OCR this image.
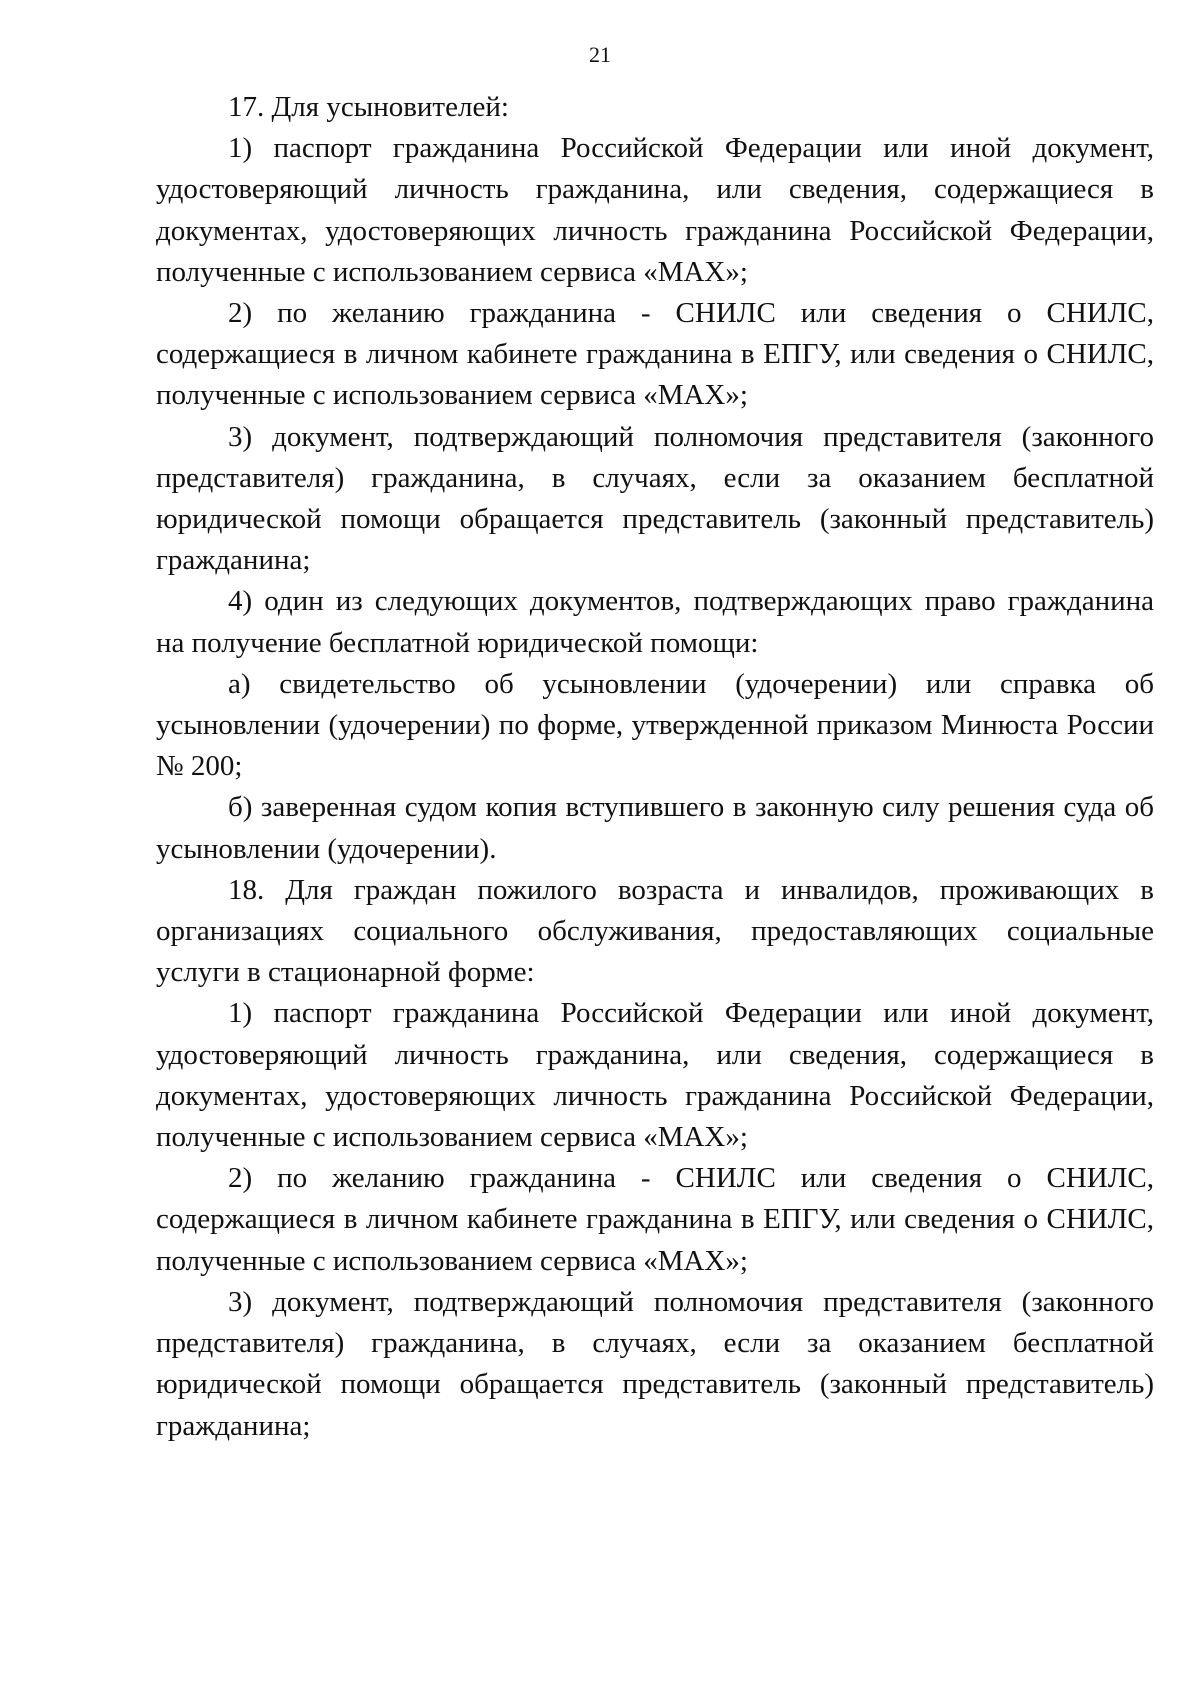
21

17. Для усыновителей:

1) паспорт гражданина Российской Федерации или иной документ, удостоверяющий личность гражданина, или сведения, содержащиеся в документах, удостоверяющих личность гражданина Российской Федерации, полученные с использованием сервиса «MAX»;

2) по желанию гражданина - СНИЛС или сведения о СНИЛС, содержащиеся в личном кабинете гражданина в ЕПГУ, или сведения о СНИЛС, полученные с использованием сервиса «MAX»;

3) документ, подтверждающий полномочия представителя (законного представителя) гражданина, в случаях, если за оказанием бесплатной юридической помощи обращается представитель (законный представитель) гражданина;

4) один из следующих документов, подтверждающих право гражданина на получение бесплатной юридической помощи:

а) свидетельство об усыновлении (удочерении) или справка об усыновлении (удочерении) по форме, утвержденной приказом Минюста России № 200;

б) заверенная судом копия вступившего в законную силу решения суда об усыновлении (удочерении).

18. Для граждан пожилого возраста и инвалидов, проживающих в организациях социального обслуживания, предоставляющих социальные услуги в стационарной форме:

1) паспорт гражданина Российской Федерации или иной документ, удостоверяющий личность гражданина, или сведения, содержащиеся в документах, удостоверяющих личность гражданина Российской Федерации, полученные с использованием сервиса «MAX»;

2) по желанию гражданина - СНИЛС или сведения о СНИЛС, содержащиеся в личном кабинете гражданина в ЕПГУ, или сведения о СНИЛС, полученные с использованием сервиса «MAX»;

3) документ, подтверждающий полномочия представителя (законного представителя) гражданина, в случаях, если за оказанием бесплатной юридической помощи обращается представитель (законный представитель) гражданина;
